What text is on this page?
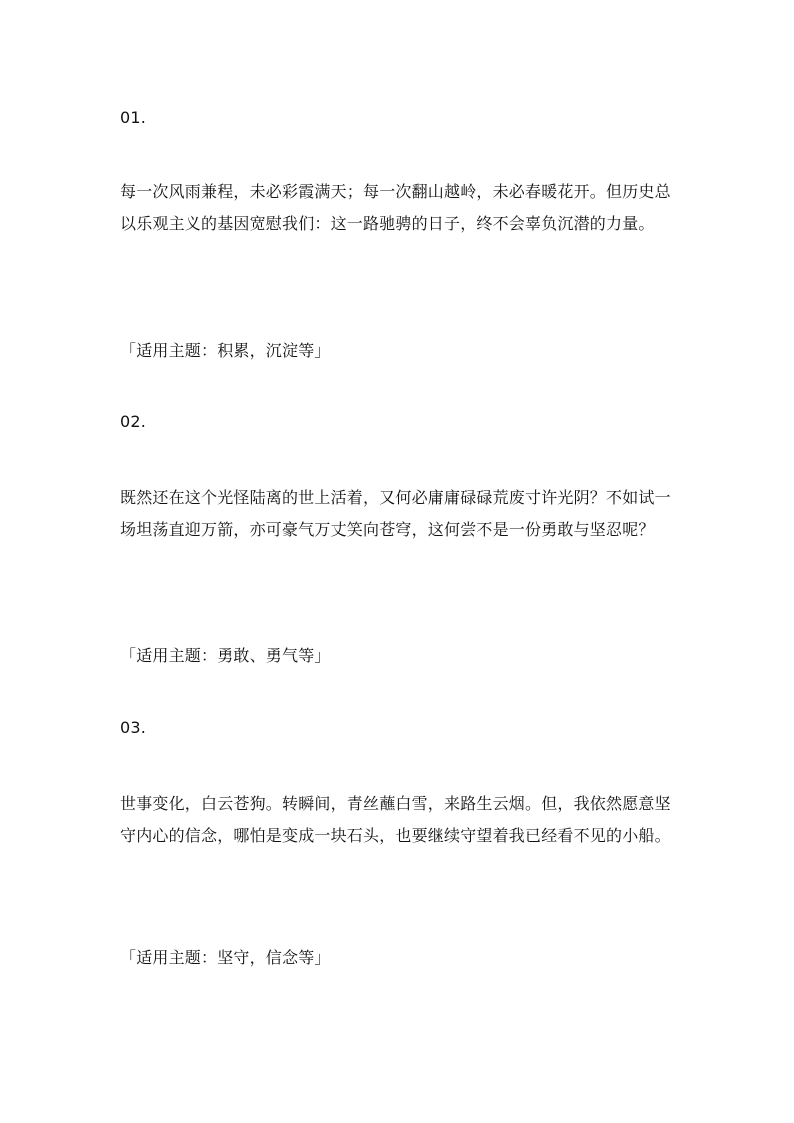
01.
每一次风雨兼程，未必彩霞满天；每一次翻山越岭，未必春暖花开。但历史总以乐观主义的基因宽慰我们：这一路驰骋的日子，终不会辜负沉潜的力量。
「适用主题：积累，沉淀等」
02.
既然还在这个光怪陆离的世上活着，又何必庸庸碌碌荒废寸许光阴？不如试一场坦荡直迎万箭，亦可豪气万丈笑向苍穹，这何尝不是一份勇敢与坚忍呢？
「适用主题：勇敢、勇气等」
03.
世事变化，白云苍狗。转瞬间，青丝蘸白雪，来路生云烟。但，我依然愿意坚守内心的信念，哪怕是变成一块石头，也要继续守望着我已经看不见的小船。
「适用主题：坚守，信念等」
